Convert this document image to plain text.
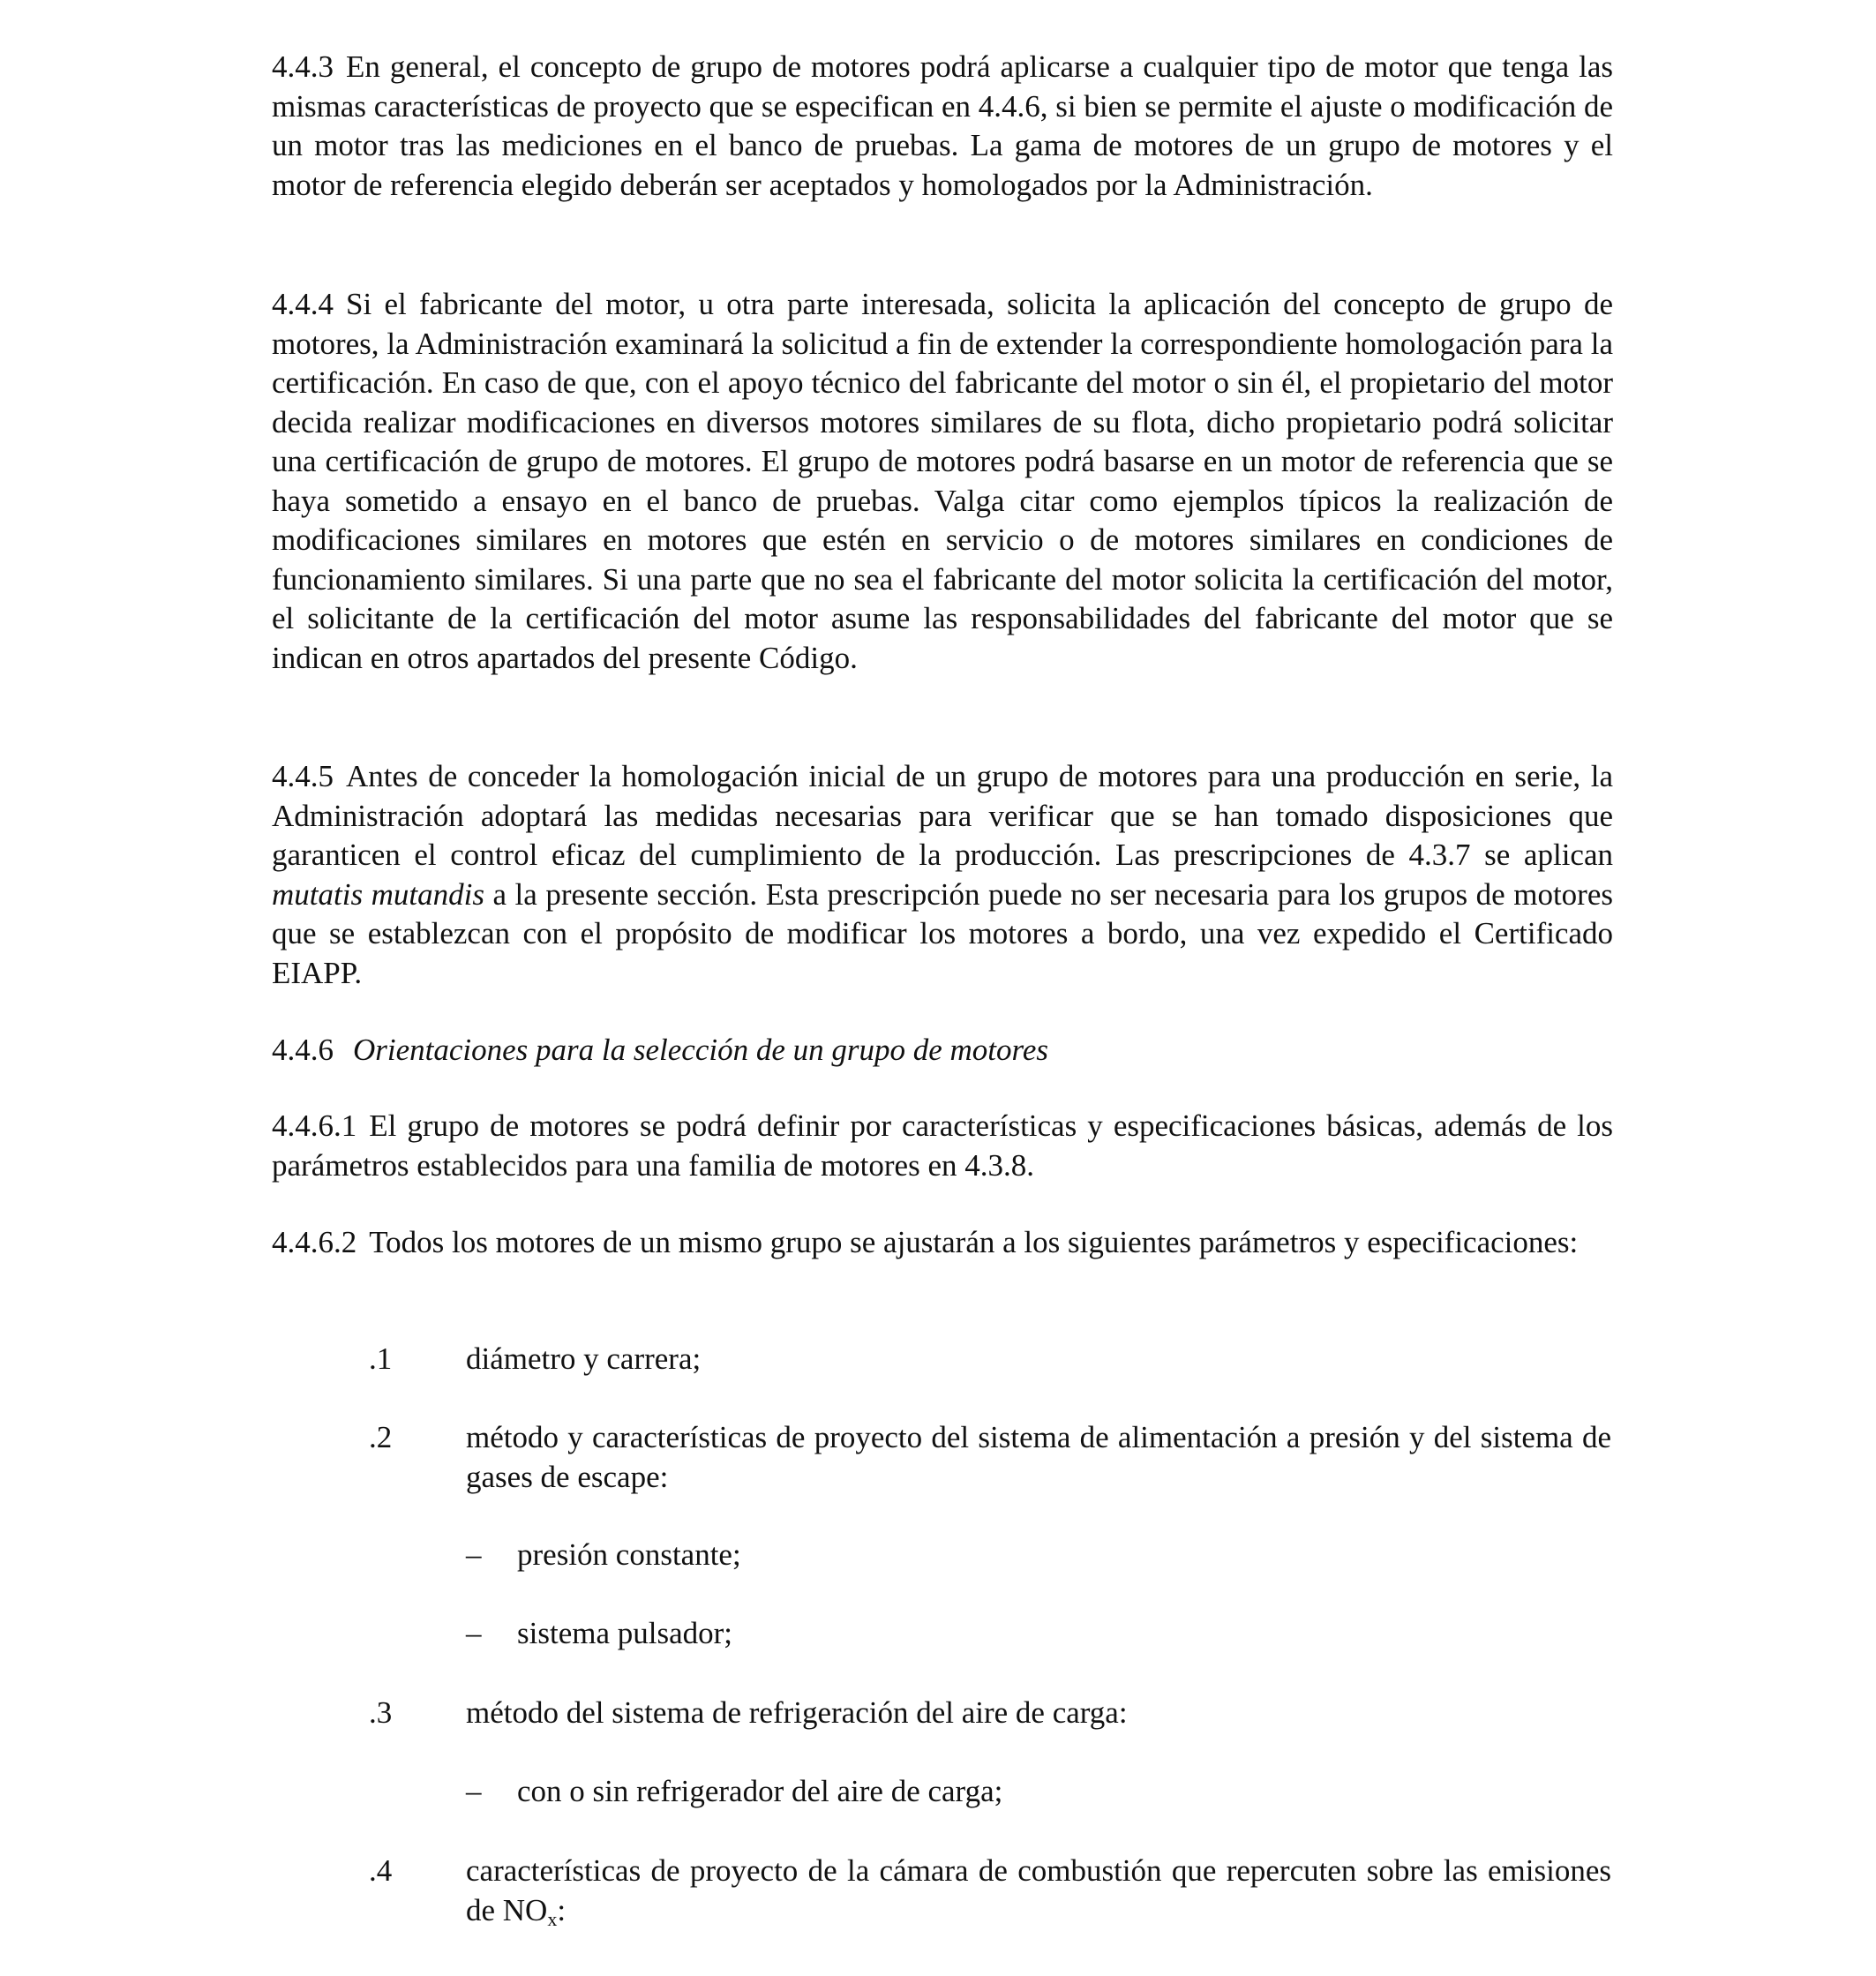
4.4.3 En general, el concepto de grupo de motores podrá aplicarse a cualquier tipo de motor que tenga las mismas características de proyecto que se especifican en 4.4.6, si bien se permite el ajuste o modificación de un motor tras las mediciones en el banco de pruebas. La gama de motores de un grupo de motores y el motor de referencia elegido deberán ser aceptados y homologados por la Administración.

4.4.4 Si el fabricante del motor, u otra parte interesada, solicita la aplicación del concepto de grupo de motores, la Administración examinará la solicitud a fin de extender la correspondiente homologación para la certificación. En caso de que, con el apoyo técnico del fabricante del motor o sin él, el propietario del motor decida realizar modificaciones en diversos motores similares de su flota, dicho propietario podrá solicitar una certificación de grupo de motores. El grupo de motores podrá basarse en un motor de referencia que se haya sometido a ensayo en el banco de pruebas. Valga citar como ejemplos típicos la realización de modificaciones similares en motores que estén en servicio o de motores similares en condiciones de funcionamiento similares. Si una parte que no sea el fabricante del motor solicita la certificación del motor, el solicitante de la certificación del motor asume las responsabilidades del fabricante del motor que se indican en otros apartados del presente Código.

4.4.5 Antes de conceder la homologación inicial de un grupo de motores para una producción en serie, la Administración adoptará las medidas necesarias para verificar que se han tomado disposiciones que garanticen el control eficaz del cumplimiento de la producción. Las prescripciones de 4.3.7 se aplican mutatis mutandis a la presente sección. Esta prescripción puede no ser necesaria para los grupos de motores que se establezcan con el propósito de modificar los motores a bordo, una vez expedido el Certificado EIAPP.

4.4.6 Orientaciones para la selección de un grupo de motores

4.4.6.1 El grupo de motores se podrá definir por características y especificaciones básicas, además de los parámetros establecidos para una familia de motores en 4.3.8.

4.4.6.2 Todos los motores de un mismo grupo se ajustarán a los siguientes parámetros y especificaciones:

.1	diámetro y carrera;
.2	método y características de proyecto del sistema de alimentación a presión y del sistema de gases de escape:
– presión constante;
– sistema pulsador;
.3	método del sistema de refrigeración del aire de carga:
– con o sin refrigerador del aire de carga;
.4	características de proyecto de la cámara de combustión que repercuten sobre las emisiones de $NO_x$:
